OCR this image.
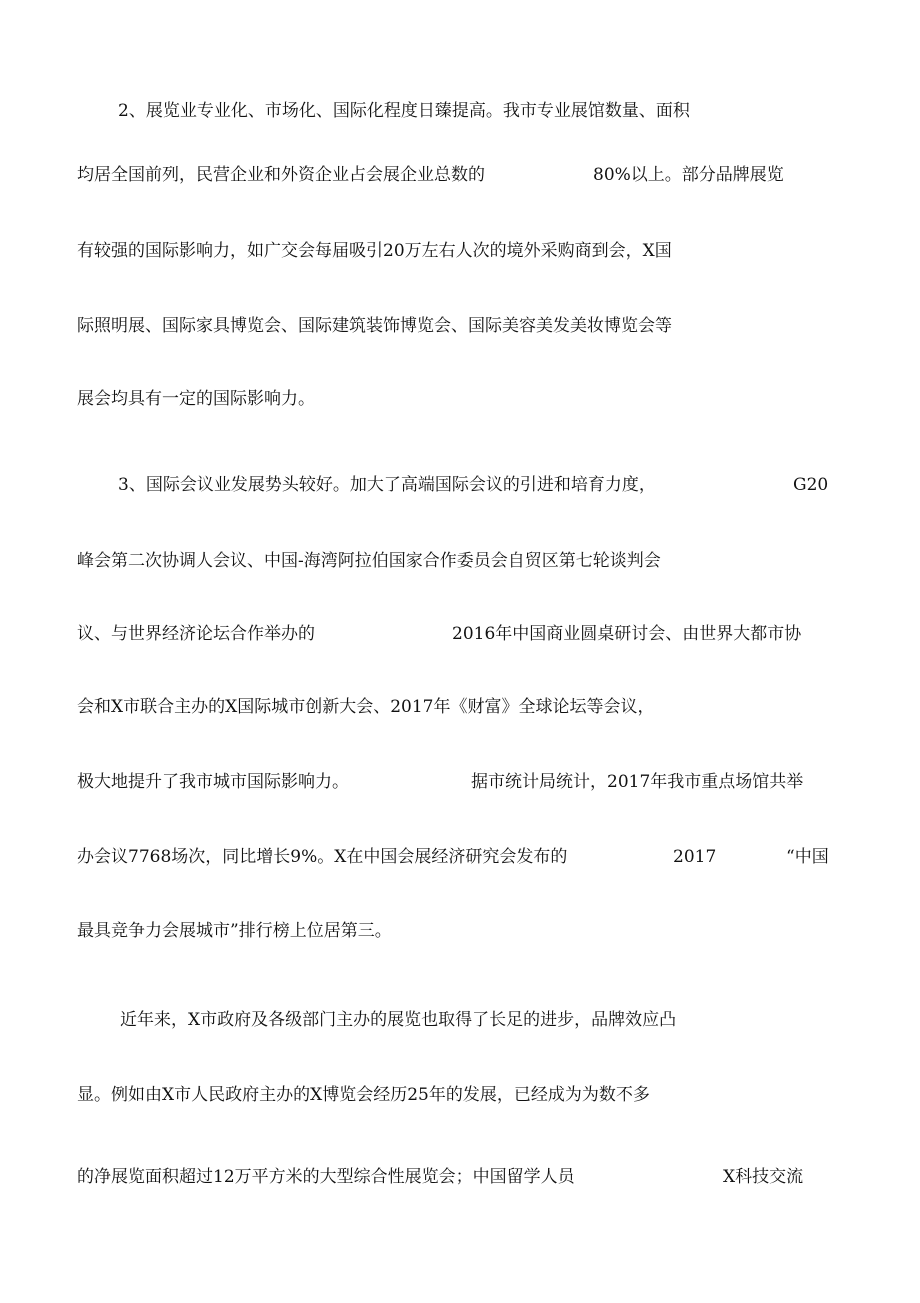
2、展览业专业化、市场化、国际化程度日臻提高。我市专业展馆数量、面积
均居全国前列，民营企业和外资企业占会展企业总数的	80%以上。部分品牌展览
有较强的国际影响力，如广交会每届吸引20万左右人次的境外采购商到会，X国
际照明展、国际家具博览会、国际建筑装饰博览会、国际美容美发美妆博览会等
展会均具有一定的国际影响力。
3、国际会议业发展势头较好。加大了高端国际会议的引进和培育力度，	G20
峰会第二次协调人会议、中国-海湾阿拉伯国家合作委员会自贸区第七轮谈判会
议、与世界经济论坛合作举办的	2016年中国商业圆桌研讨会、由世界大都市协
会和X市联合主办的X国际城市创新大会、2017年《财富》全球论坛等会议，
极大地提升了我市城市国际影响力。	据市统计局统计，2017年我市重点场馆共举
办会议7768场次，同比增长9%。X在中国会展经济研究会发布的	2017	“中国
最具竞争力会展城市”排行榜上位居第三。
近年来，X市政府及各级部门主办的展览也取得了长足的进步，品牌效应凸
显。例如由X市人民政府主办的X博览会经历25年的发展，已经成为为数不多
的净展览面积超过12万平方米的大型综合性展览会；中国留学人员	X科技交流
